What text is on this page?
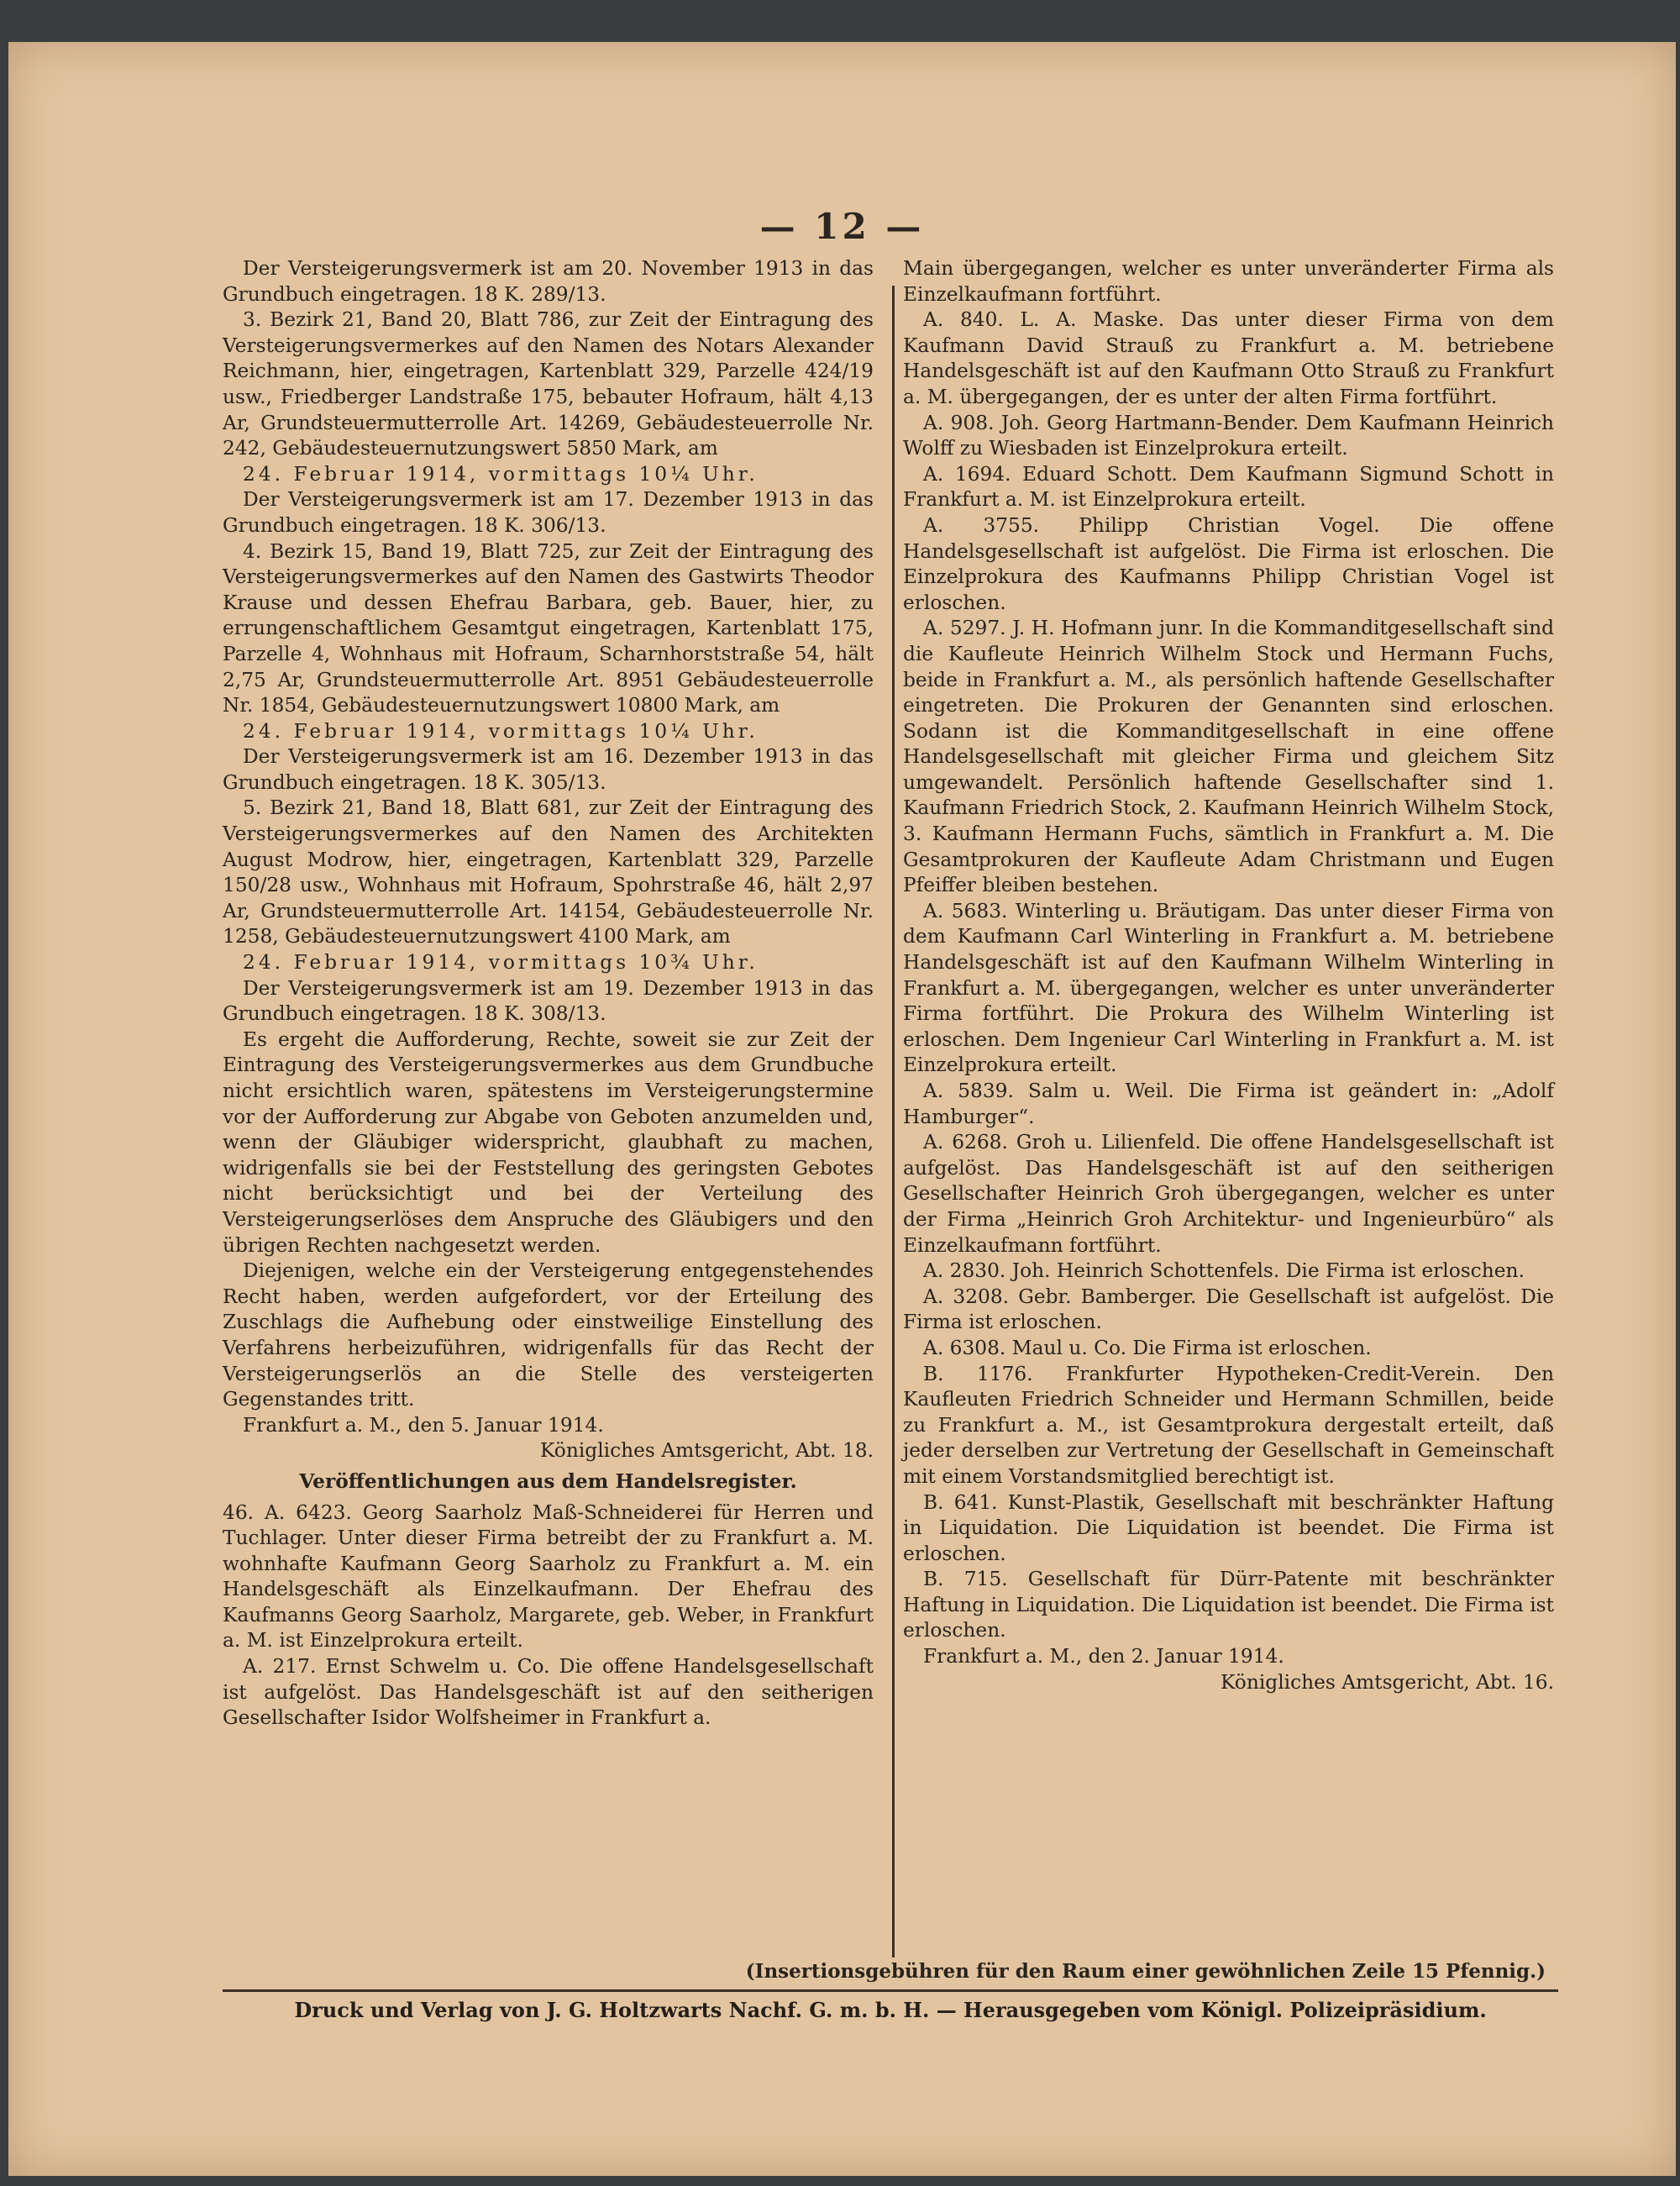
— 12 —

Der Versteigerungsvermerk ist am 20. November 1913 in das Grundbuch eingetragen. 18 K. 289/13.

3. Bezirk 21, Band 20, Blatt 786, zur Zeit der Eintragung des Versteigerungsvermerkes auf den Namen des Notars Alexander Reichmann, hier, eingetragen, Kartenblatt 329, Parzelle 424/19 usw., Friedberger Landstraße 175, bebauter Hofraum, hält 4,13 Ar, Grundsteuermutterrolle Art. 14269, Gebäudesteuerrolle Nr. 242, Gebäudesteuernutzungswert 5850 Mark, am

24. Februar 1914, vormittags 10¼ Uhr.

Der Versteigerungsvermerk ist am 17. Dezember 1913 in das Grundbuch eingetragen. 18 K. 306/13.

4. Bezirk 15, Band 19, Blatt 725, zur Zeit der Eintragung des Versteigerungsvermerkes auf den Namen des Gastwirts Theodor Krause und dessen Ehefrau Barbara, geb. Bauer, hier, zu errungenschaftlichem Gesamtgut eingetragen, Kartenblatt 175, Parzelle 4, Wohnhaus mit Hofraum, Scharnhorststraße 54, hält 2,75 Ar, Grundsteuermutterrolle Art. 8951 Gebäudesteuerrolle Nr. 1854, Gebäudesteuernutzungswert 10800 Mark, am

24. Februar 1914, vormittags 10¼ Uhr.

Der Versteigerungsvermerk ist am 16. Dezember 1913 in das Grundbuch eingetragen. 18 K. 305/13.

5. Bezirk 21, Band 18, Blatt 681, zur Zeit der Eintragung des Versteigerungsvermerkes auf den Namen des Architekten August Modrow, hier, eingetragen, Kartenblatt 329, Parzelle 150/28 usw., Wohnhaus mit Hofraum, Spohrstraße 46, hält 2,97 Ar, Grundsteuermutterrolle Art. 14154, Gebäudesteuerrolle Nr. 1258, Gebäudesteuernutzungswert 4100 Mark, am

24. Februar 1914, vormittags 10¾ Uhr.

Der Versteigerungsvermerk ist am 19. Dezember 1913 in das Grundbuch eingetragen. 18 K. 308/13.

Es ergeht die Aufforderung, Rechte, soweit sie zur Zeit der Eintragung des Versteigerungsvermerkes aus dem Grundbuche nicht ersichtlich waren, spätestens im Versteigerungstermine vor der Aufforderung zur Abgabe von Geboten anzumelden und, wenn der Gläubiger widerspricht, glaubhaft zu machen, widrigenfalls sie bei der Feststellung des geringsten Gebotes nicht berücksichtigt und bei der Verteilung des Versteigerungserlöses dem Anspruche des Gläubigers und den übrigen Rechten nachgesetzt werden.

Diejenigen, welche ein der Versteigerung entgegenstehendes Recht haben, werden aufgefordert, vor der Erteilung des Zuschlags die Aufhebung oder einstweilige Einstellung des Verfahrens herbeizuführen, widrigenfalls für das Recht der Versteigerungserlös an die Stelle des versteigerten Gegenstandes tritt.

Frankfurt a. M., den 5. Januar 1914.

Königliches Amtsgericht, Abt. 18.

Veröffentlichungen aus dem Handelsregister.

46. A. 6423. Georg Saarholz Maß-Schneiderei für Herren und Tuchlager. Unter dieser Firma betreibt der zu Frankfurt a. M. wohnhafte Kaufmann Georg Saarholz zu Frankfurt a. M. ein Handelsgeschäft als Einzelkaufmann. Der Ehefrau des Kaufmanns Georg Saarholz, Margarete, geb. Weber, in Frankfurt a. M. ist Einzelprokura erteilt.

A. 217. Ernst Schwelm u. Co. Die offene Handelsgesellschaft ist aufgelöst. Das Handelsgeschäft ist auf den seitherigen Gesellschafter Isidor Wolfsheimer in Frankfurt a.

Main übergegangen, welcher es unter unveränderter Firma als Einzelkaufmann fortführt.

A. 840. L. A. Maske. Das unter dieser Firma von dem Kaufmann David Strauß zu Frankfurt a. M. betriebene Handelsgeschäft ist auf den Kaufmann Otto Strauß zu Frankfurt a. M. übergegangen, der es unter der alten Firma fortführt.

A. 908. Joh. Georg Hartmann-Bender. Dem Kaufmann Heinrich Wolff zu Wiesbaden ist Einzelprokura erteilt.

A. 1694. Eduard Schott. Dem Kaufmann Sigmund Schott in Frankfurt a. M. ist Einzelprokura erteilt.

A. 3755. Philipp Christian Vogel. Die offene Handelsgesellschaft ist aufgelöst. Die Firma ist erloschen. Die Einzelprokura des Kaufmanns Philipp Christian Vogel ist erloschen.

A. 5297. J. H. Hofmann junr. In die Kommanditgesellschaft sind die Kaufleute Heinrich Wilhelm Stock und Hermann Fuchs, beide in Frankfurt a. M., als persönlich haftende Gesellschafter eingetreten. Die Prokuren der Genannten sind erloschen. Sodann ist die Kommanditgesellschaft in eine offene Handelsgesellschaft mit gleicher Firma und gleichem Sitz umgewandelt. Persönlich haftende Gesellschafter sind 1. Kaufmann Friedrich Stock, 2. Kaufmann Heinrich Wilhelm Stock, 3. Kaufmann Hermann Fuchs, sämtlich in Frankfurt a. M. Die Gesamtprokuren der Kaufleute Adam Christmann und Eugen Pfeiffer bleiben bestehen.

A. 5683. Winterling u. Bräutigam. Das unter dieser Firma von dem Kaufmann Carl Winterling in Frankfurt a. M. betriebene Handelsgeschäft ist auf den Kaufmann Wilhelm Winterling in Frankfurt a. M. übergegangen, welcher es unter unveränderter Firma fortführt. Die Prokura des Wilhelm Winterling ist erloschen. Dem Ingenieur Carl Winterling in Frankfurt a. M. ist Einzelprokura erteilt.

A. 5839. Salm u. Weil. Die Firma ist geändert in: „Adolf Hamburger“.

A. 6268. Groh u. Lilienfeld. Die offene Handelsgesellschaft ist aufgelöst. Das Handelsgeschäft ist auf den seitherigen Gesellschafter Heinrich Groh übergegangen, welcher es unter der Firma „Heinrich Groh Architektur- und Ingenieurbüro“ als Einzelkaufmann fortführt.

A. 2830. Joh. Heinrich Schottenfels. Die Firma ist erloschen.

A. 3208. Gebr. Bamberger. Die Gesellschaft ist aufgelöst. Die Firma ist erloschen.

A. 6308. Maul u. Co. Die Firma ist erloschen.

B. 1176. Frankfurter Hypotheken-Credit-Verein. Den Kaufleuten Friedrich Schneider und Hermann Schmillen, beide zu Frankfurt a. M., ist Gesamtprokura dergestalt erteilt, daß jeder derselben zur Vertretung der Gesellschaft in Gemeinschaft mit einem Vorstandsmitglied berechtigt ist.

B. 641. Kunst-Plastik, Gesellschaft mit beschränkter Haftung in Liquidation. Die Liquidation ist beendet. Die Firma ist erloschen.

B. 715. Gesellschaft für Dürr-Patente mit beschränkter Haftung in Liquidation. Die Liquidation ist beendet. Die Firma ist erloschen.

Frankfurt a. M., den 2. Januar 1914.

Königliches Amtsgericht, Abt. 16.

(Insertionsgebühren für den Raum einer gewöhnlichen Zeile 15 Pfennig.)
Druck und Verlag von J. G. Holtzwarts Nachf. G. m. b. H. — Herausgegeben vom Königl. Polizeipräsidium.
